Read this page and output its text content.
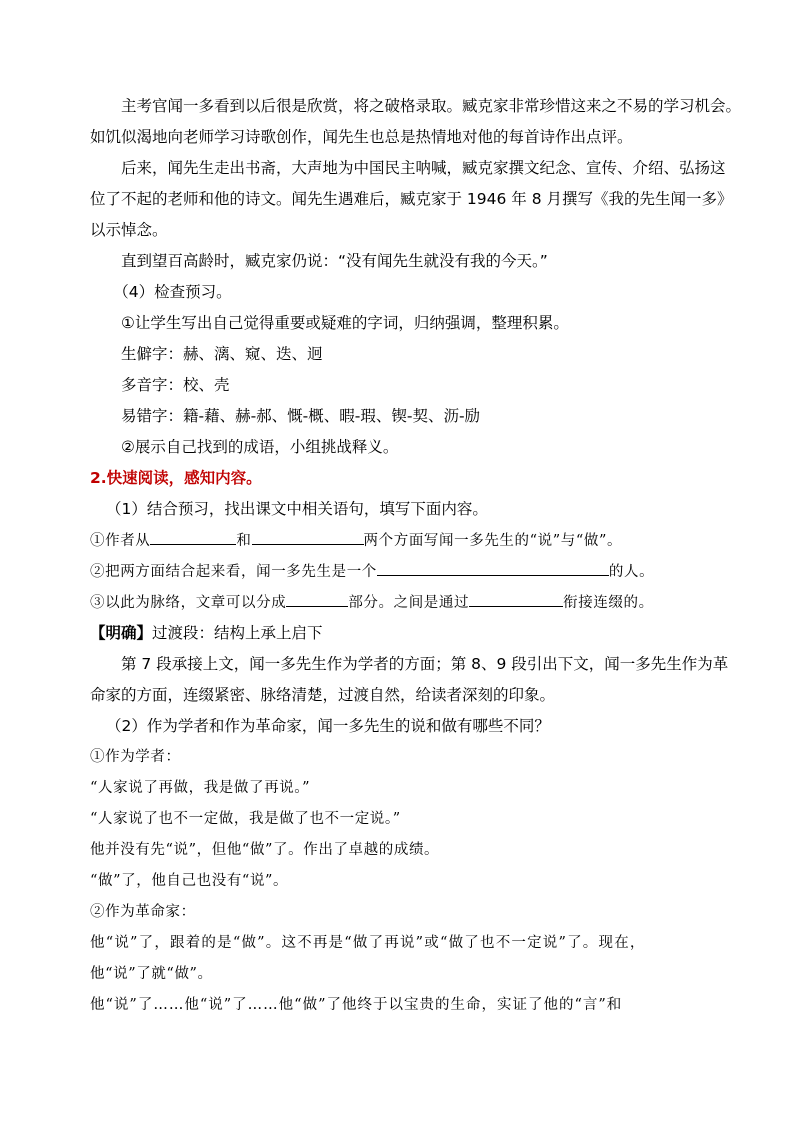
　　主考官闻一多看到以后很是欣赏，将之破格录取。臧克家非常珍惜这来之不易的学习机会。
如饥似渴地向老师学习诗歌创作，闻先生也总是热情地对他的每首诗作出点评。
　　后来，闻先生走出书斋，大声地为中国民主呐喊，臧克家撰文纪念、宣传、介绍、弘扬这
位了不起的老师和他的诗文。闻先生遇难后，臧克家于 1946 年 8 月撰写《我的先生闻一多》
以示悼念。
　　直到望百高龄时，臧克家仍说：“没有闻先生就没有我的今天。”
　　（4）检查预习。
　　①让学生写出自己觉得重要或疑难的字词，归纳强调，整理积累。
　　生僻字：赫、漓、窥、迭、迥
　　多音字：校、壳
　　易错字：籍-藉、赫-郝、慨-概、暇-瑕、锲-契、沥-励
　　②展示自己找到的成语，小组挑战释义。
2.快速阅读，感知内容。
（1）结合预习，找出课文中相关语句，填写下面内容。
①作者从	和	两个方面写闻一多先生的“说”与“做”。
②把两方面结合起来看，闻一多先生是一个	的人。
③以此为脉络，文章可以分成	部分。之间是通过	衔接连缀的。
【明确】过渡段：结构上承上启下
　　第 7 段承接上文，闻一多先生作为学者的方面；第 8、9 段引出下文，闻一多先生作为革
命家的方面，连缀紧密、脉络清楚，过渡自然，给读者深刻的印象。
（2）作为学者和作为革命家，闻一多先生的说和做有哪些不同？
①作为学者：
“人家说了再做，我是做了再说。”
“人家说了也不一定做，我是做了也不一定说。”
他并没有先“说”，但他“做”了。作出了卓越的成绩。
“做”了，他自己也没有“说”。
②作为革命家：
他“说”了，跟着的是“做”。这不再是“做了再说”或“做了也不一定说”了。现在，
他“说”了就“做”。
他“说”了……他“说”了……他“做”了他终于以宝贵的生命，实证了他的“言”和
